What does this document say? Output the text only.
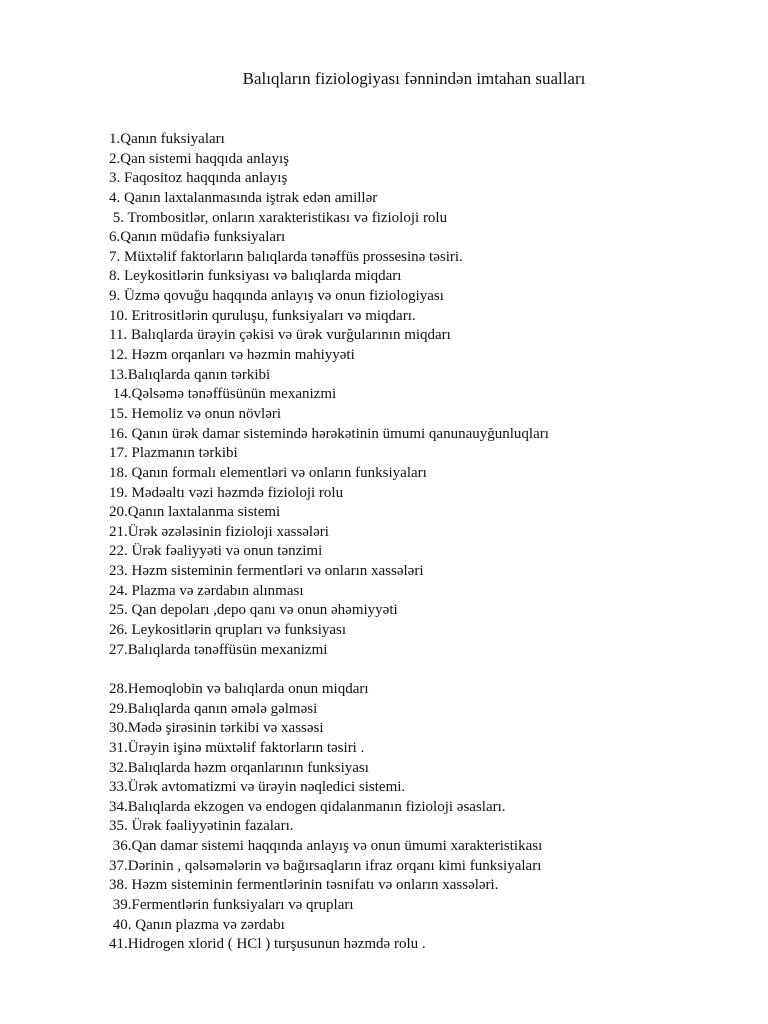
Balıqların fiziologiyası fənnindən imtahan sualları
1.Qanın fuksiyaları
2.Qan sistemi haqqıda anlayış
3. Faqositoz haqqında anlayış
4. Qanın laxtalanmasında iştrak edən amillər
5. Trombositlər, onların xarakteristikası və fizioloji rolu
6.Qanın müdafiə funksiyaları
7. Müxtəlif faktorların balıqlarda tənəffüs prossesinə təsiri.
8. Leykositlərin funksiyası və balıqlarda miqdarı
9. Üzmə qovuğu haqqında anlayış və onun fiziologiyası
10. Eritrositlərin quruluşu, funksiyaları və miqdarı.
11. Balıqlarda ürəyin çəkisi və ürək vurğularının miqdarı
12. Həzm orqanları və həzmin mahiyyəti
13.Balıqlarda qanın tərkibi
14.Qəlsəmə tənəffüsünün mexanizmi
15. Hemoliz və onun növləri
16. Qanın ürək damar sistemində hərəkətinin ümumi qanunauyğunluqları
17. Plazmanın tərkibi
18. Qanın formalı elementləri və onların funksiyaları
19. Mədəaltı vəzi həzmdə fizioloji rolu
20.Qanın laxtalanma sistemi
21.Ürək əzələsinin fizioloji xassələri
22. Ürək fəaliyyəti və onun tənzimi
23. Həzm sisteminin fermentləri və onların xassələri
24. Plazma və zərdabın alınması
25. Qan depoları ,depo qanı və onun əhəmiyyəti
26. Leykositlərin qrupları və funksiyası
27.Balıqlarda tənəffüsün mexanizmi
28.Hemoqlobin və balıqlarda onun miqdarı
29.Balıqlarda qanın əmələ gəlməsi
30.Mədə şirəsinin tərkibi və xassəsi
31.Ürəyin işinə müxtəlif faktorların təsiri .
32.Balıqlarda həzm orqanlarının funksiyası
33.Ürək avtomatizmi və ürəyin nəqledici sistemi.
34.Balıqlarda ekzogen və endogen qidalanmanın fizioloji əsasları.
35. Ürək fəaliyyətinin fazaları.
36.Qan damar sistemi haqqında anlayış və onun ümumi xarakteristikası
37.Dərinin , qəlsəmələrin və bağırsaqların ifraz orqanı kimi funksiyaları
38. Həzm sisteminin fermentlərinin təsnifatı və onların xassələri.
39.Fermentlərin funksiyaları və qrupları
40. Qanın plazma və zərdabı
41.Hidrogen xlorid ( HCl ) turşusunun həzmdə rolu .
